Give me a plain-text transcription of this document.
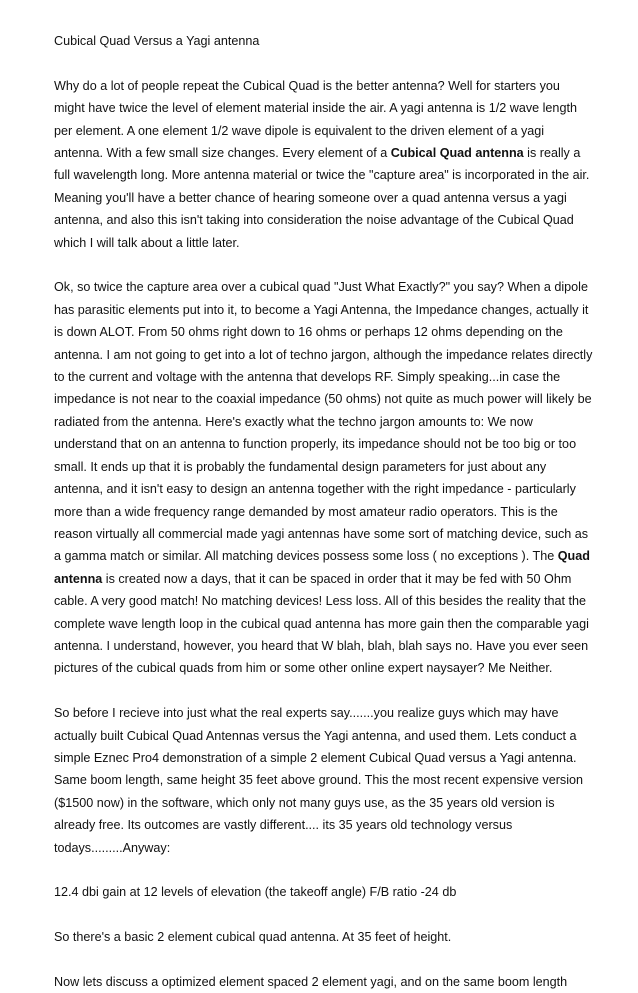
Cubical Quad Versus a Yagi antenna

Why do a lot of people repeat the Cubical Quad is the better antenna? Well for starters you might have twice the level of element material inside the air. A yagi antenna is 1/2 wave length per element. A one element 1/2 wave dipole is equivalent to the driven element of a yagi antenna. With a few small size changes. Every element of a Cubical Quad antenna is really a full wavelength long. More antenna material or twice the "capture area" is incorporated in the air. Meaning you'll have a better chance of hearing someone over a quad antenna versus a yagi antenna, and also this isn't taking into consideration the noise advantage of the Cubical Quad which I will talk about a little later.

Ok, so twice the capture area over a cubical quad "Just What Exactly?" you say? When a dipole has parasitic elements put into it, to become a Yagi Antenna, the Impedance changes, actually it is down ALOT. From 50 ohms right down to 16 ohms or perhaps 12 ohms depending on the antenna. I am not going to get into a lot of techno jargon, although the impedance relates directly to the current and voltage with the antenna that develops RF. Simply speaking...in case the impedance is not near to the coaxial impedance (50 ohms) not quite as much power will likely be radiated from the antenna. Here's exactly what the techno jargon amounts to: We now understand that on an antenna to function properly, its impedance should not be too big or too small. It ends up that it is probably the fundamental design parameters for just about any antenna, and it isn't easy to design an antenna together with the right impedance - particularly more than a wide frequency range demanded by most amateur radio operators. This is the reason virtually all commercial made yagi antennas have some sort of matching device, such as a gamma match or similar. All matching devices possess some loss ( no exceptions ). The Quad antenna is created now a days, that it can be spaced in order that it may be fed with 50 Ohm cable. A very good match! No matching devices! Less loss. All of this besides the reality that the complete wave length loop in the cubical quad antenna has more gain then the comparable yagi antenna. I understand, however, you heard that W blah, blah, blah says no. Have you ever seen pictures of the cubical quads from him or some other online expert naysayer? Me Neither.

So before I recieve into just what the real experts say.......you realize guys which may have actually built Cubical Quad Antennas versus the Yagi antenna, and used them. Lets conduct a simple Eznec Pro4 demonstration of a simple 2 element Cubical Quad versus a Yagi antenna. Same boom length, same height 35 feet above ground. This the most recent expensive version ($1500 now) in the software, which only not many guys use, as the 35 years old version is already free. Its outcomes are vastly different.... its 35 years old technology versus todays.........Anyway:

12.4 dbi gain at 12 levels of elevation (the takeoff angle) F/B ratio -24 db

So there's a basic 2 element cubical quad antenna. At 35 feet of height.

Now lets discuss a optimized element spaced 2 element yagi, and on the same boom length
